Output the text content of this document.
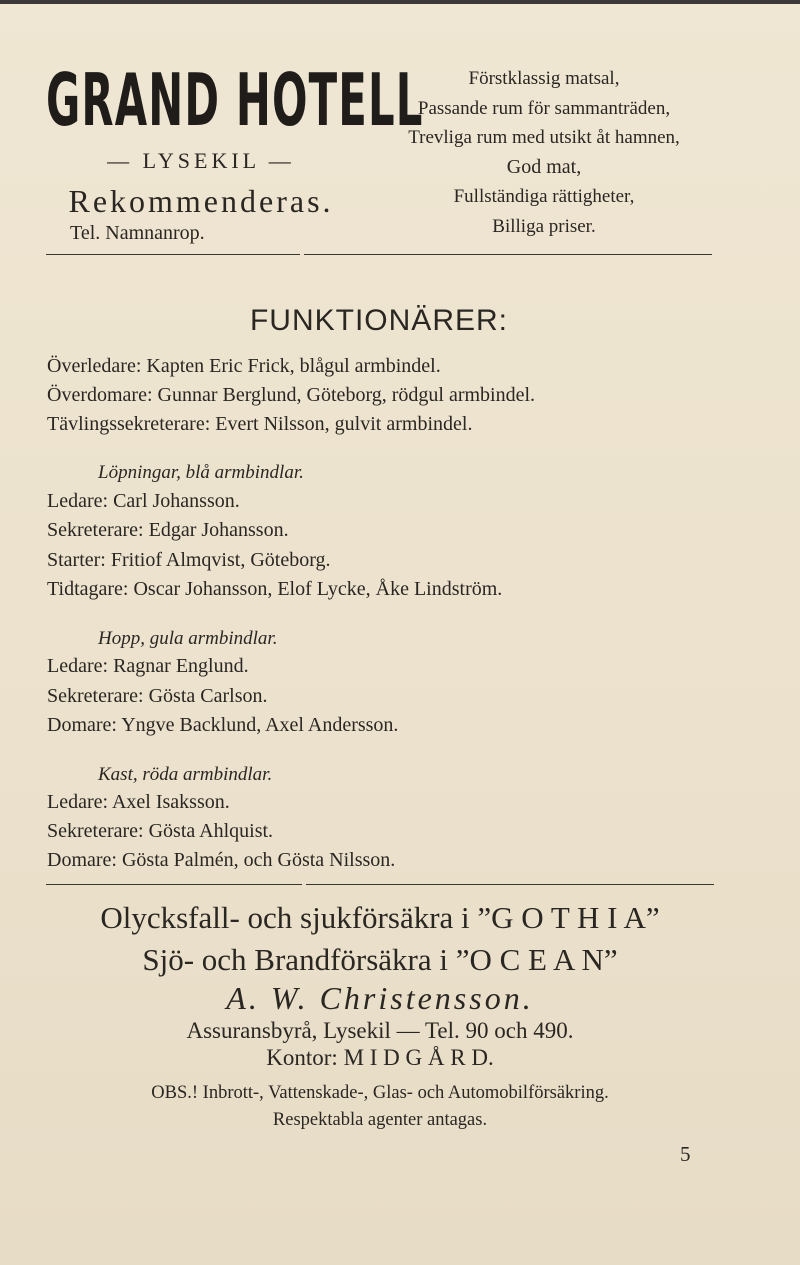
GRAND HOTELL
— LYSEKIL —
Rekommenderas.
Tel. Namnanrop.
Förstklassig matsal,
Passande rum för sammanträden,
Trevliga rum med utsikt åt hamnen,
God mat,
Fullständiga rättigheter,
Billiga priser.
FUNKTIONÄRER:
Överledare: Kapten Eric Frick, blågul armbindel.
Överdomare: Gunnar Berglund, Göteborg, rödgul armbindel.
Tävlingssekreterare: Evert Nilsson, gulvit armbindel.
Löpningar, blå armbindlar.
Ledare: Carl Johansson.
Sekreterare: Edgar Johansson.
Starter: Fritiof Almqvist, Göteborg.
Tidtagare: Oscar Johansson, Elof Lycke, Åke Lindström.
Hopp, gula armbindlar.
Ledare: Ragnar Englund.
Sekreterare: Gösta Carlson.
Domare: Yngve Backlund, Axel Andersson.
Kast, röda armbindlar.
Ledare: Axel Isaksson.
Sekreterare: Gösta Ahlquist.
Domare: Gösta Palmén, och Gösta Nilsson.
Olycksfall- och sjukförsäkra i ”G O T H I A”
Sjö- och Brandförsäkra i ”O C E A N”
A. W. Christensson.
Assuransbyrå, Lysekil — Tel. 90 och 490.
Kontor: M I D G Å R D.
OBS.! Inbrott-, Vattenskade-, Glas- och Automobilförsäkring.
Respektabla agenter antagas.
5
